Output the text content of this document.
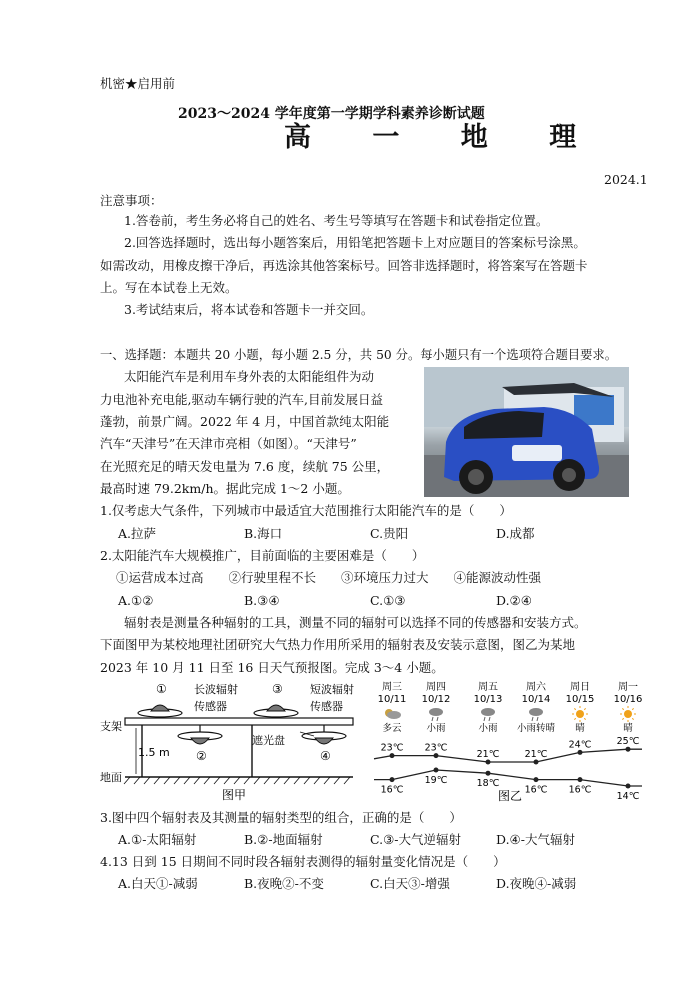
机密★启用前
2023～2024 学年度第一学期学科素养诊断试题
高 一 地 理
2024.1
注意事项：
1.答卷前，考生务必将自己的姓名、考生号等填写在答题卡和试卷指定位置。
2.回答选择题时，选出每小题答案后，用铅笔把答题卡上对应题目的答案标号涂黑。
如需改动，用橡皮擦干净后，再选涂其他答案标号。回答非选择题时，将答案写在答题卡
上。写在本试卷上无效。
3.考试结束后，将本试卷和答题卡一并交回。
一、选择题：本题共 20 小题，每小题 2.5 分，共 50 分。每小题只有一个选项符合题目要求。
太阳能汽车是利用车身外表的太阳能组件为动
力电池补充电能,驱动车辆行驶的汽车,目前发展日益
蓬勃，前景广阔。2022 年 4 月，中国首款纯太阳能
汽车“天津号”在天津市亮相（如图）。“天津号”
在光照充足的晴天发电量为 7.6 度，续航 75 公里，
最高时速 79.2km/h。据此完成 1～2 小题。
1.仅考虑大气条件，下列城市中最适宜大范围推行太阳能汽车的是（　　）
A.拉萨	B.海口	C.贵阳	D.成都
2.太阳能汽车大规模推广，目前面临的主要困难是（　　）
①运营成本过高　　②行驶里程不长　　③环境压力过大　　④能源波动性强
A.①②	B.③④	C.①③	D.②④
辐射表是测量各种辐射的工具，测量不同的辐射可以选择不同的传感器和安装方式。
下面图甲为某校地理社团研究大气热力作用所采用的辐射表及安装示意图，图乙为某地
2023 年 10 月 11 日至 16 日天气预报图。完成 3～4 小题。
①
②
③
④
长波辐射
传感器
短波辐射
传感器
支架
1.5 m
遮光盘
地面
图甲
周三
10/11
多云
周四
10/12
小雨
周五
10/13
小雨
周六
10/14
小雨转晴
周日
10/15
晴
周一
10/16
晴
23℃ 23℃
21℃	21℃
24℃	25℃
16℃
19℃	18℃
16℃ 16℃
14℃
图乙
3.图中四个辐射表及其测量的辐射类型的组合，正确的是（　　）
A.①-太阳辐射	B.②-地面辐射	C.③-大气逆辐射	D.④-大气辐射
4.13 日到 15 日期间不同时段各辐射表测得的辐射量变化情况是（　　）
A.白天①-减弱	B.夜晚②-不变	C.白天③-增强	D.夜晚④-减弱
